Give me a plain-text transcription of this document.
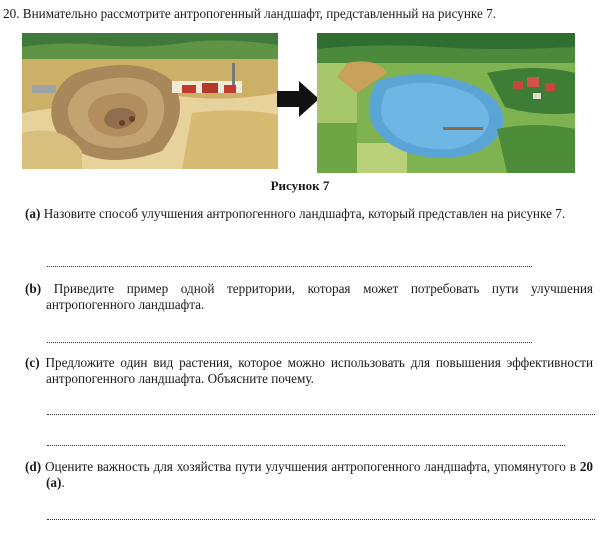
20. Внимательно рассмотрите антропогенный ландшафт, представленный на рисунке 7.
Рисунок 7
(a) Назовите способ улучшения антропогенного ландшафта, который представлен на рисунке 7.
(b) Приведите пример одной территории, которая может потребовать пути улучшения антропогенного ландшафта.
(c) Предложите один вид растения, которое можно использовать для повышения эффективности антропогенного ландшафта. Объясните почему.
(d) Оцените важность для хозяйства пути улучшения антропогенного ландшафта, упомянутого в 20 (a).
